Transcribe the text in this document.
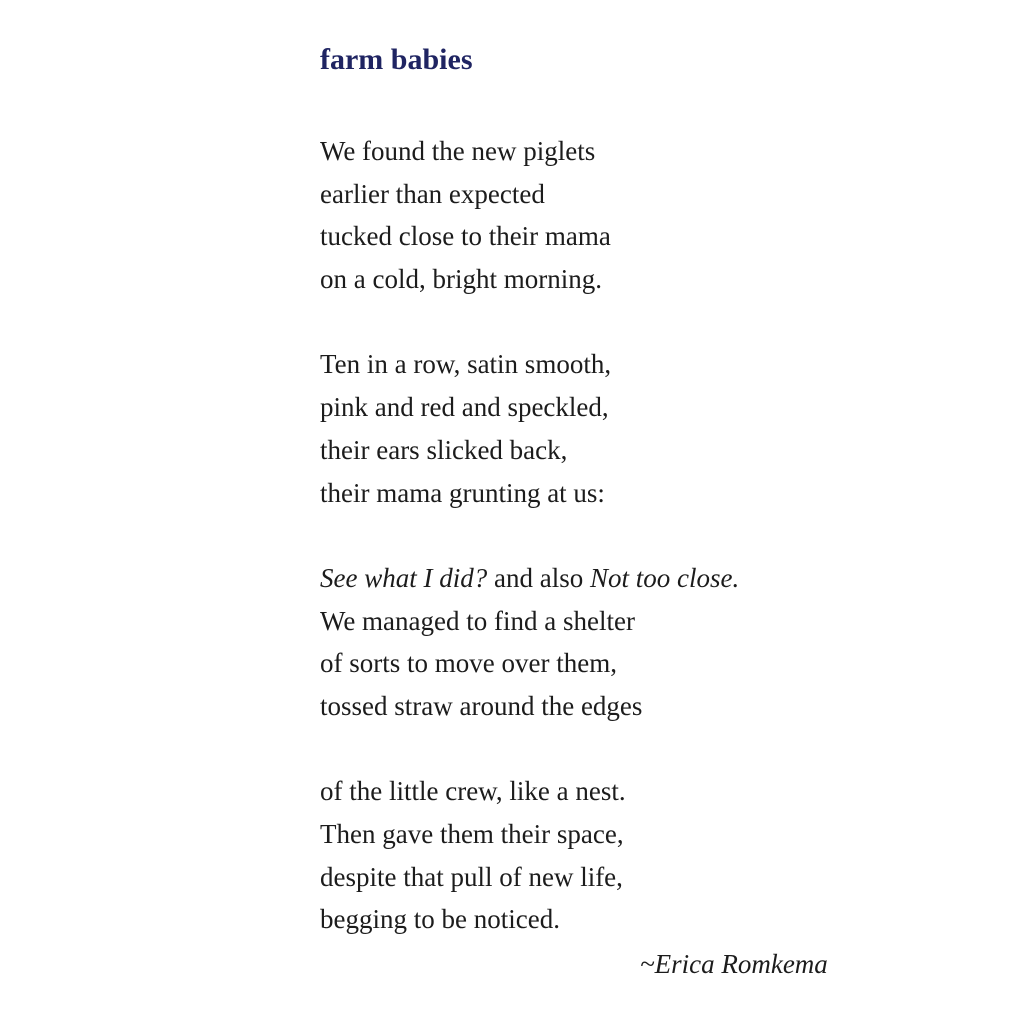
farm babies
We found the new piglets
earlier than expected
tucked close to their mama
on a cold, bright morning.
Ten in a row, satin smooth,
pink and red and speckled,
their ears slicked back,
their mama grunting at us:
See what I did? and also Not too close.
We managed to find a shelter
of sorts to move over them,
tossed straw around the edges
of the little crew, like a nest.
Then gave them their space,
despite that pull of new life,
begging to be noticed.
~Erica Romkema
